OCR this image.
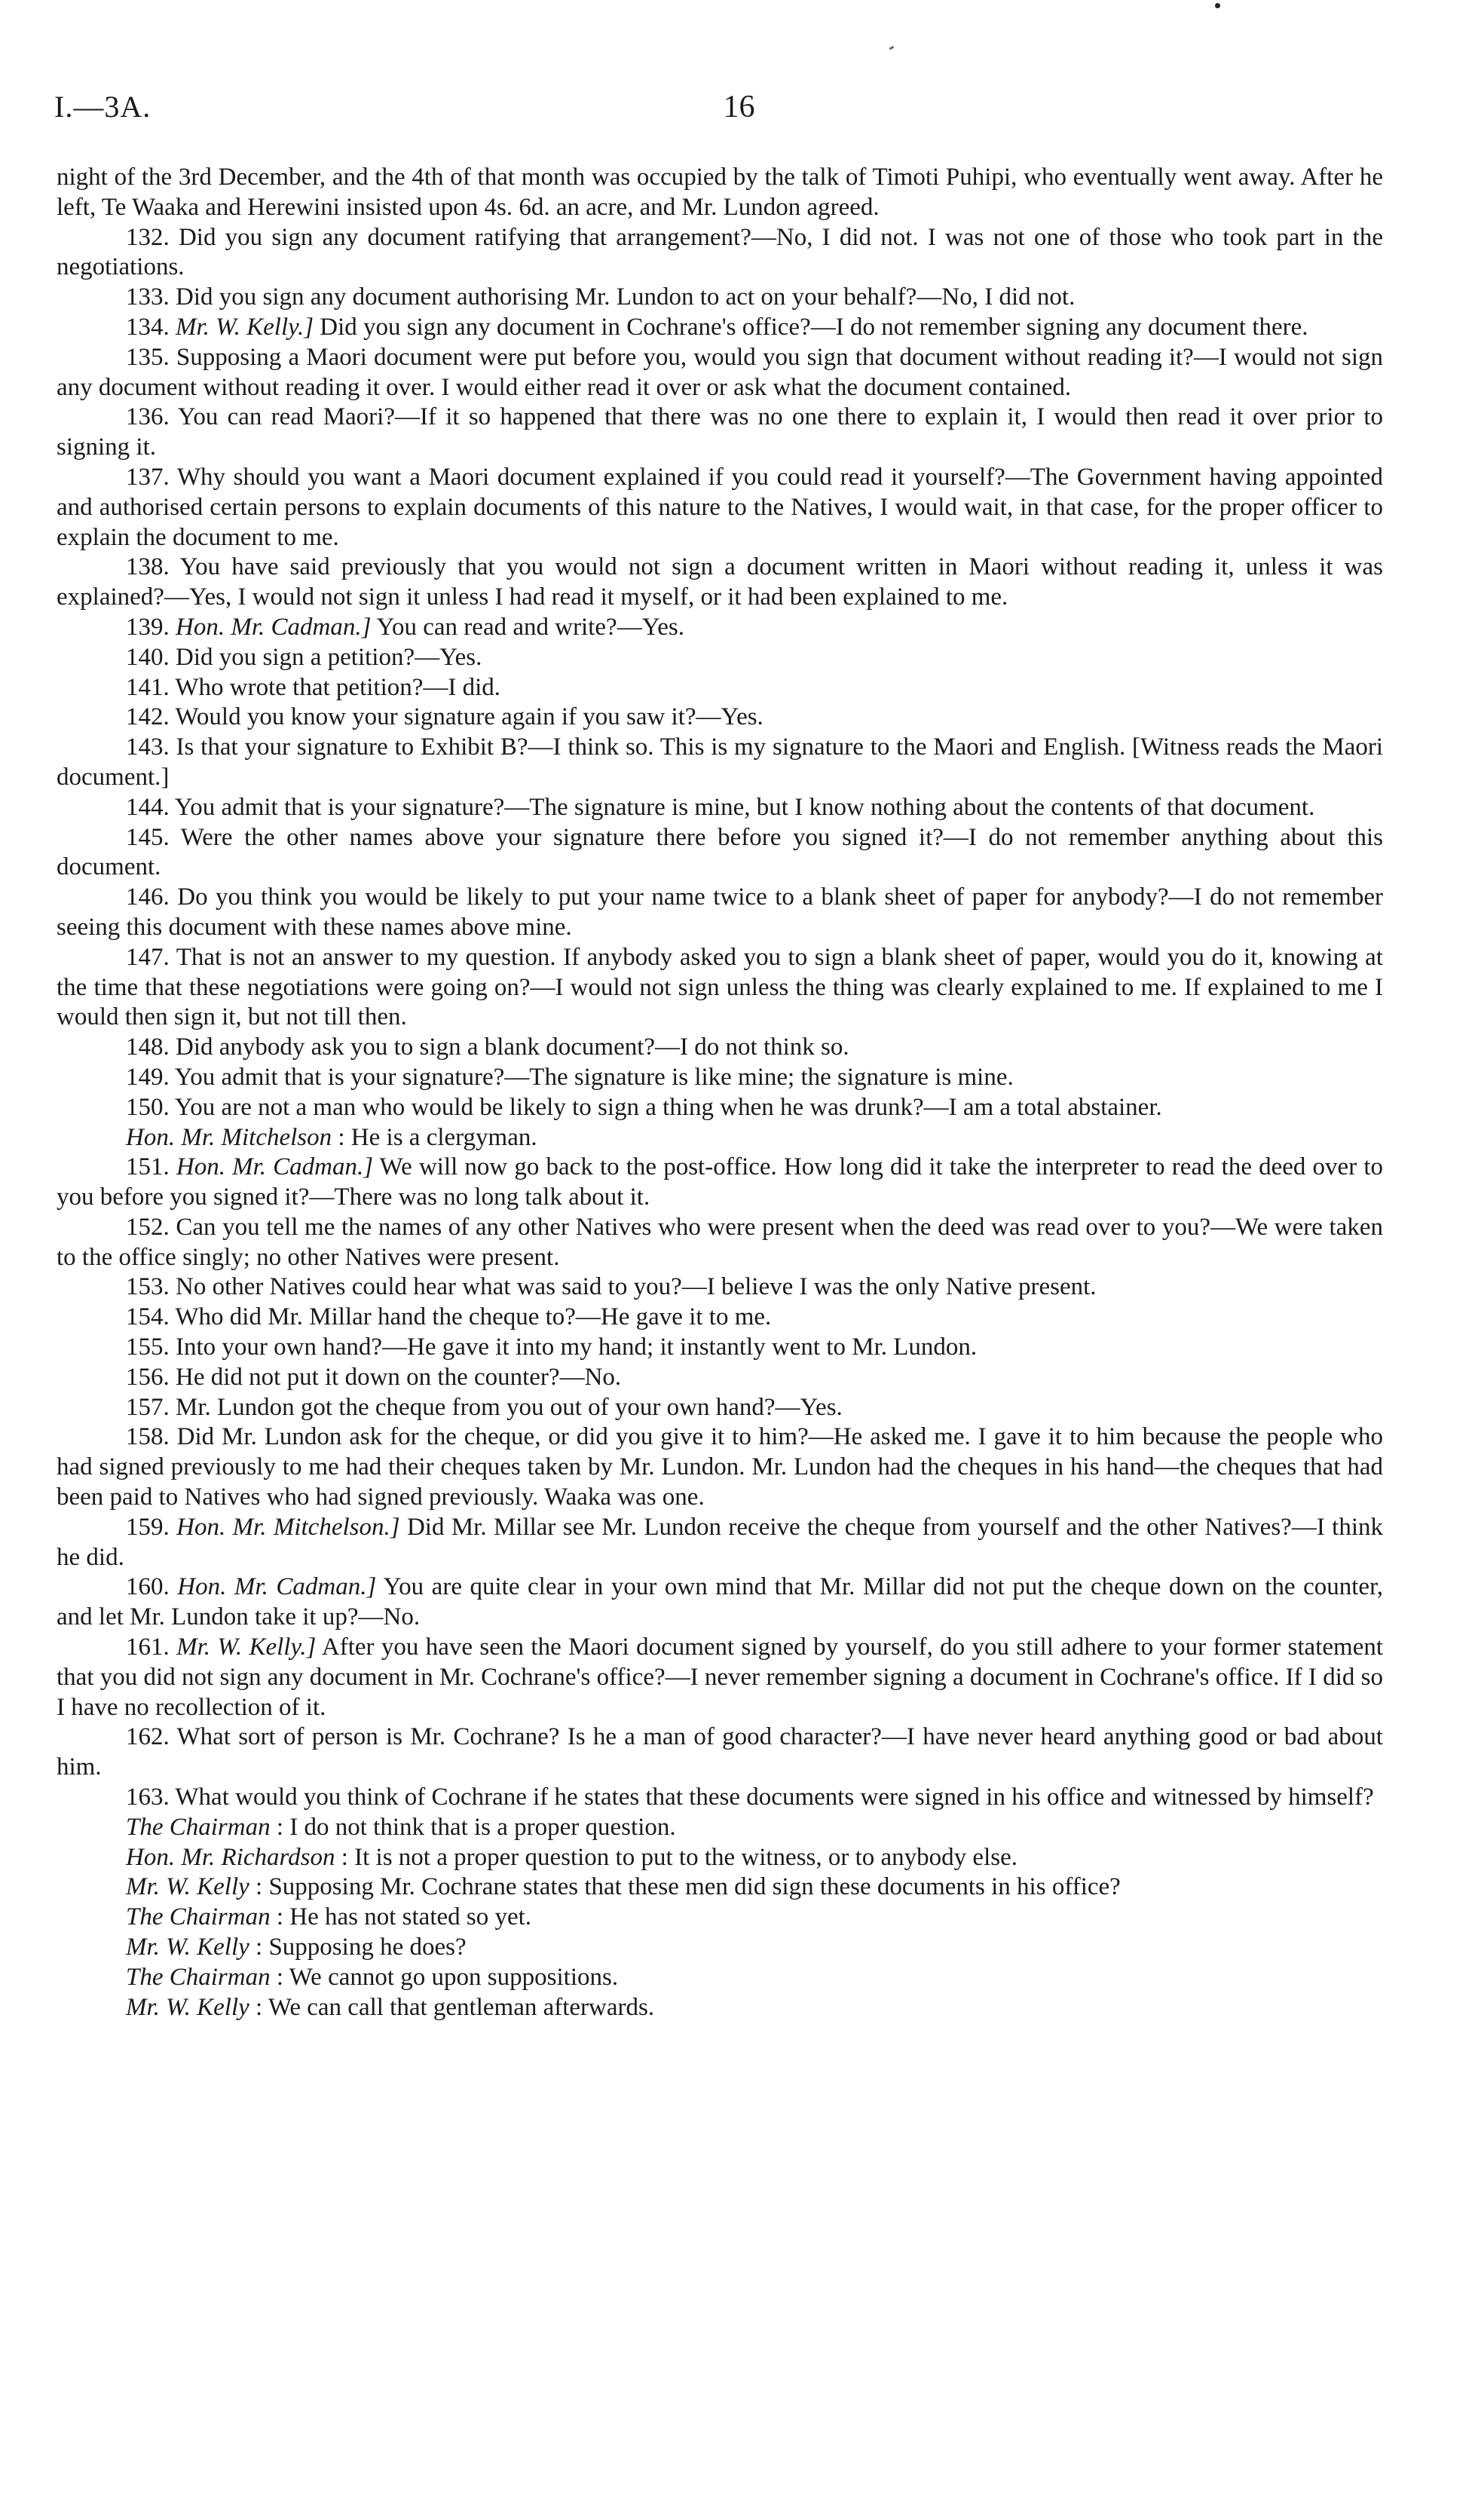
I.—3A.	16

night of the 3rd December, and the 4th of that month was occupied by the talk of Timoti Puhipi, who eventually went away. After he left, Te Waaka and Herewini insisted upon 4s. 6d. an acre, and Mr. Lundon agreed.

132. Did you sign any document ratifying that arrangement?—No, I did not. I was not one of those who took part in the negotiations.

133. Did you sign any document authorising Mr. Lundon to act on your behalf?—No, I did not.

134. Mr. W. Kelly.] Did you sign any document in Cochrane's office?—I do not remember signing any document there.

135. Supposing a Maori document were put before you, would you sign that document without reading it?—I would not sign any document without reading it over. I would either read it over or ask what the document contained.

136. You can read Maori?—If it so happened that there was no one there to explain it, I would then read it over prior to signing it.

137. Why should you want a Maori document explained if you could read it yourself?—The Government having appointed and authorised certain persons to explain documents of this nature to the Natives, I would wait, in that case, for the proper officer to explain the document to me.

138. You have said previously that you would not sign a document written in Maori without reading it, unless it was explained?—Yes, I would not sign it unless I had read it myself, or it had been explained to me.

139. Hon. Mr. Cadman.] You can read and write?—Yes.

140. Did you sign a petition?—Yes.

141. Who wrote that petition?—I did.

142. Would you know your signature again if you saw it?—Yes.

143. Is that your signature to Exhibit B?—I think so. This is my signature to the Maori and English. [Witness reads the Maori document.]

144. You admit that is your signature?—The signature is mine, but I know nothing about the contents of that document.

145. Were the other names above your signature there before you signed it?—I do not remember anything about this document.

146. Do you think you would be likely to put your name twice to a blank sheet of paper for anybody?—I do not remember seeing this document with these names above mine.

147. That is not an answer to my question. If anybody asked you to sign a blank sheet of paper, would you do it, knowing at the time that these negotiations were going on?—I would not sign unless the thing was clearly explained to me. If explained to me I would then sign it, but not till then.

148. Did anybody ask you to sign a blank document?—I do not think so.

149. You admit that is your signature?—The signature is like mine; the signature is mine.

150. You are not a man who would be likely to sign a thing when he was drunk?—I am a total abstainer.

Hon. Mr. Mitchelson : He is a clergyman.

151. Hon. Mr. Cadman.] We will now go back to the post-office. How long did it take the interpreter to read the deed over to you before you signed it?—There was no long talk about it.

152. Can you tell me the names of any other Natives who were present when the deed was read over to you?—We were taken to the office singly; no other Natives were present.

153. No other Natives could hear what was said to you?—I believe I was the only Native present.

154. Who did Mr. Millar hand the cheque to?—He gave it to me.

155. Into your own hand?—He gave it into my hand; it instantly went to Mr. Lundon.

156. He did not put it down on the counter?—No.

157. Mr. Lundon got the cheque from you out of your own hand?—Yes.

158. Did Mr. Lundon ask for the cheque, or did you give it to him?—He asked me. I gave it to him because the people who had signed previously to me had their cheques taken by Mr. Lundon. Mr. Lundon had the cheques in his hand—the cheques that had been paid to Natives who had signed previously. Waaka was one.

159. Hon. Mr. Mitchelson.] Did Mr. Millar see Mr. Lundon receive the cheque from yourself and the other Natives?—I think he did.

160. Hon. Mr. Cadman.] You are quite clear in your own mind that Mr. Millar did not put the cheque down on the counter, and let Mr. Lundon take it up?—No.

161. Mr. W. Kelly.] After you have seen the Maori document signed by yourself, do you still adhere to your former statement that you did not sign any document in Mr. Cochrane's office?—I never remember signing a document in Cochrane's office. If I did so I have no recollection of it.

162. What sort of person is Mr. Cochrane? Is he a man of good character?—I have never heard anything good or bad about him.

163. What would you think of Cochrane if he states that these documents were signed in his office and witnessed by himself?

The Chairman : I do not think that is a proper question.

Hon. Mr. Richardson : It is not a proper question to put to the witness, or to anybody else.

Mr. W. Kelly : Supposing Mr. Cochrane states that these men did sign these documents in his office?

The Chairman : He has not stated so yet.

Mr. W. Kelly : Supposing he does?

The Chairman : We cannot go upon suppositions.

Mr. W. Kelly : We can call that gentleman afterwards.
